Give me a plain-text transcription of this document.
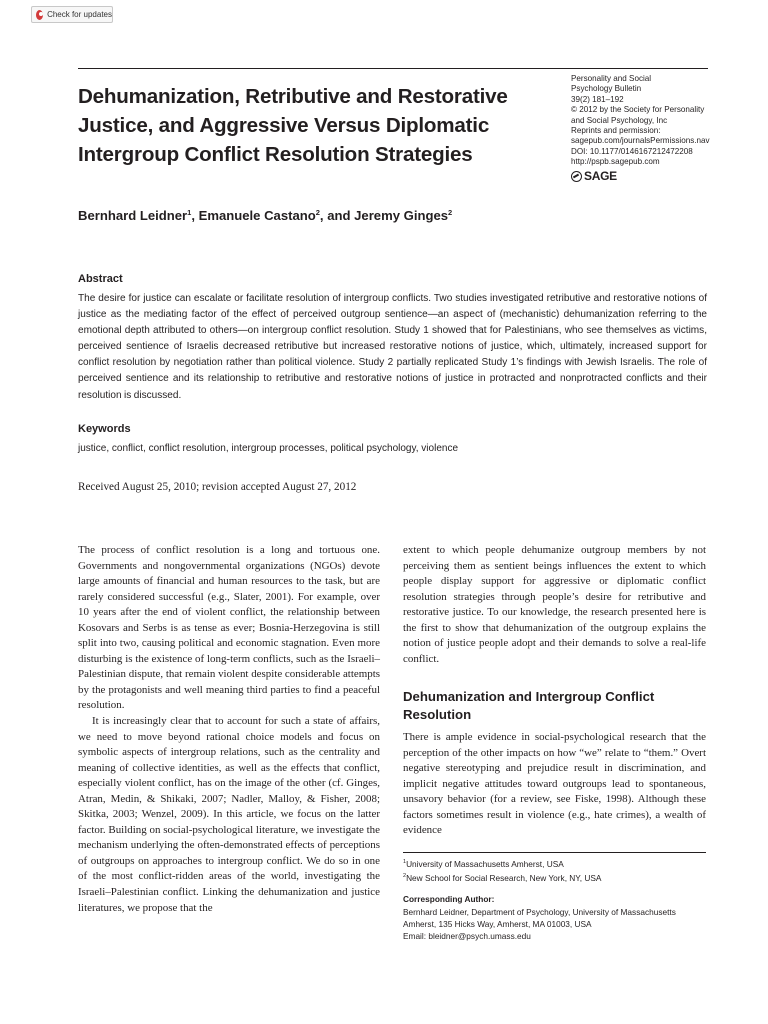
Check for updates
Dehumanization, Retributive and Restorative Justice, and Aggressive Versus Diplomatic Intergroup Conflict Resolution Strategies
Personality and Social
Psychology Bulletin
39(2) 181–192
© 2012 by the Society for Personality
and Social Psychology, Inc
Reprints and permission:
sagepub.com/journalsPermissions.nav
DOI: 10.1177/0146167212472208
http://pspb.sagepub.com
SAGE
Bernhard Leidner$^1$, Emanuele Castano$^2$, and Jeremy Ginges$^2$
Abstract

The desire for justice can escalate or facilitate resolution of intergroup conflicts. Two studies investigated retributive and restorative notions of justice as the mediating factor of the effect of perceived outgroup sentience—an aspect of (mechanistic) dehumanization referring to the emotional depth attributed to others—on intergroup conflict resolution. Study 1 showed that for Palestinians, who see themselves as victims, perceived sentience of Israelis decreased retributive but increased restorative notions of justice, which, ultimately, increased support for conflict resolution by negotiation rather than political violence. Study 2 partially replicated Study 1’s findings with Jewish Israelis. The role of perceived sentience and its relationship to retributive and restorative notions of justice in protracted and nonprotracted conflicts and their resolution is discussed.

Keywords
justice, conflict, conflict resolution, intergroup processes, political psychology, violence
Received August 25, 2010; revision accepted August 27, 2012

The process of conflict resolution is a long and tortuous one. Governments and nongovernmental organizations (NGOs) devote large amounts of financial and human resources to the task, but are rarely considered successful (e.g., Slater, 2001). For example, over 10 years after the end of violent conflict, the relationship between Kosovars and Serbs is as tense as ever; Bosnia-Herzegovina is still split into two, causing political and economic stagnation. Even more disturbing is the existence of long-term conflicts, such as the Israeli–Palestinian dispute, that remain violent despite considerable attempts by the protagonists and well meaning third parties to find a peaceful resolution.

It is increasingly clear that to account for such a state of affairs, we need to move beyond rational choice models and focus on symbolic aspects of intergroup relations, such as the centrality and meaning of collective identities, as well as the effects that conflict, especially violent conflict, has on the image of the other (cf. Ginges, Atran, Medin, & Shikaki, 2007; Nadler, Malloy, & Fisher, 2008; Skitka, 2003; Wenzel, 2009). In this article, we focus on the latter factor. Building on social-psychological literature, we investigate the mechanism underlying the often-demonstrated effects of perceptions of outgroups on approaches to intergroup conflict. We do so in one of the most conflict-ridden areas of the world, investigating the Israeli–Palestinian conflict. Linking the dehumanization and justice literatures, we propose that the

extent to which people dehumanize outgroup members by not perceiving them as sentient beings influences the extent to which people display support for aggressive or diplomatic conflict resolution strategies through people’s desire for retributive and restorative justice. To our knowledge, the research presented here is the first to show that dehumanization of the outgroup explains the notion of justice people adopt and their demands to solve a real-life conflict.

Dehumanization and Intergroup Conflict Resolution

There is ample evidence in social-psychological research that the perception of the other impacts on how “we” relate to “them.” Overt negative stereotyping and prejudice result in discrimination, and implicit negative attitudes toward outgroups lead to spontaneous, unsavory behavior (for a review, see Fiske, 1998). Although these factors sometimes result in violence (e.g., hate crimes), a wealth of evidence

$^1$University of Massachusetts Amherst, USA
$^2$New School for Social Research, New York, NY, USA
Corresponding Author:
Bernhard Leidner, Department of Psychology, University of Massachusetts
Amherst, 135 Hicks Way, Amherst, MA 01003, USA
Email: bleidner@psych.umass.edu
